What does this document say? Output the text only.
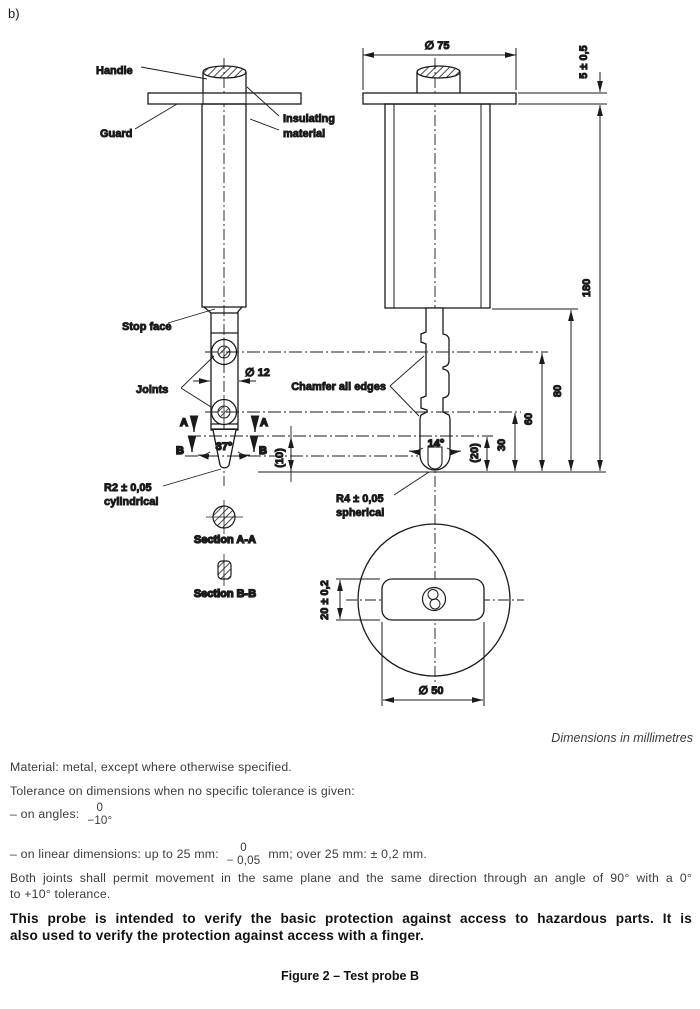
b)
37°	14°
∅ 75	5 ± 0,5
180
80
60
30
(20)
(10)
∅ 12
20 ± 0,2
∅ 50
A	A
B	B
Section A-A
Section B-B
Handle
Guard
Insulating
material
Stop face
Joints	Chamfer all edges
R2 ± 0,05
cylindrical	R4 ± 0,05
spherical
Dimensions in millimetres
Material: metal, except where otherwise specified.
Tolerance on dimensions when no specific tolerance is given:
– on angles: 0
−10°
– on linear dimensions: up to 25 mm: 0
− 0,05 mm; over 25 mm: ± 0,2 mm.
Both joints shall permit movement in the same plane and the same direction through an angle of 90° with a 0°
to +10° tolerance.
This probe is intended to verify the basic protection against access to hazardous parts. It is
also used to verify the protection against access with a finger.
Figure 2 – Test probe B
